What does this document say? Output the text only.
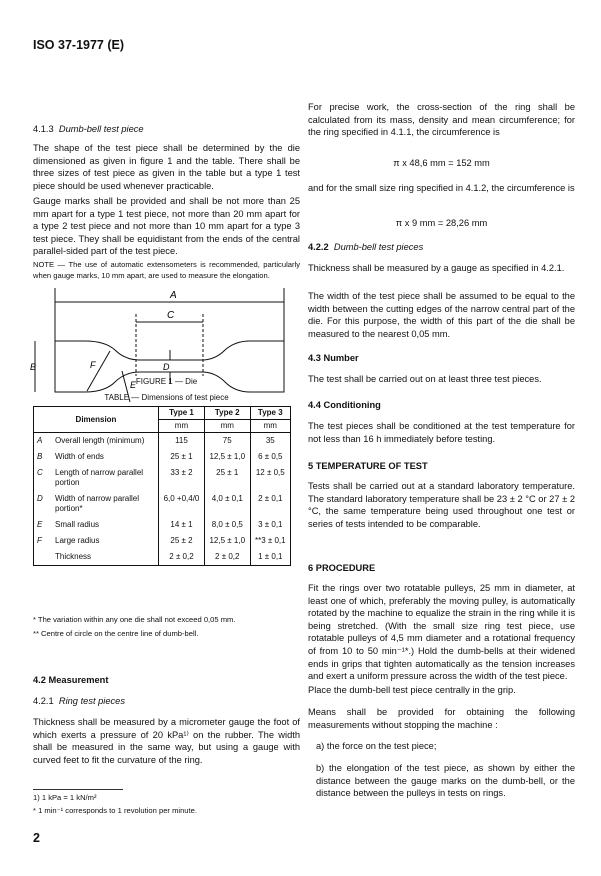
ISO 37-1977 (E)
4.1.3 Dumb-bell test piece
The shape of the test piece shall be determined by the die dimensioned as given in figure 1 and the table. There shall be three sizes of test piece as given in the table but a type 1 test piece should be used whenever practicable.
Gauge marks shall be provided and shall be not more than 25 mm apart for a type 1 test piece, not more than 20 mm apart for a type 2 test piece and not more than 10 mm apart for a type 3 test piece. They shall be equidistant from the ends of the central parallel-sided part of the test piece.
NOTE — The use of automatic extensometers is recommended, particularly when gauge marks, 10 mm apart, are used to measure the elongation.
A
C
B	F	D
E FIGURE 1 — Die
TABLE — Dimensions of test piece
Dimension		Type 1	Type 2	Type 3
		mm	mm	mm
A	Overall length (minimum)	115	75	35
B	Width of ends	25 ± 1	12,5 ± 1,0	6 ± 0,5
C	Length of narrow parallel portion	33 ± 2	25 ± 1	12 ± 0,5
D	Width of narrow parallel portion*	6,0 +0,4/0	4,0 ± 0,1	2 ± 0,1
E	Small radius	14 ± 1	8,0 ± 0,5	3 ± 0,1
F	Large radius	25 ± 2	12,5 ± 1,0	**3 ± 0,1
	Thickness	2 ± 0,2	2 ± 0,2	1 ± 0,1
* The variation within any one die shall not exceed 0,05 mm.
** Centre of circle on the centre line of dumb-bell.
4.2 Measurement
4.2.1 Ring test pieces
Thickness shall be measured by a micrometer gauge the foot of which exerts a pressure of 20 kPa¹⁾ on the rubber. The width shall be measured in the same way, but using a gauge with curved feet to fit the curvature of the ring.
1) 1 kPa = 1 kN/m²
* 1 min⁻¹ corresponds to 1 revolution per minute.
2
For precise work, the cross-section of the ring shall be calculated from its mass, density and mean circumference; for the ring specified in 4.1.1, the circumference is
π x 48,6 mm = 152 mm
and for the small size ring specified in 4.1.2, the circumference is
π x 9 mm = 28,26 mm
4.2.2 Dumb-bell test pieces
Thickness shall be measured by a gauge as specified in 4.2.1.
The width of the test piece shall be assumed to be equal to the width between the cutting edges of the narrow central part of the die. For this purpose, the width of this part of the die shall be measured to the nearest 0,05 mm.
4.3 Number
The test shall be carried out on at least three test pieces.
4.4 Conditioning
The test pieces shall be conditioned at the test temperature for not less than 16 h immediately before testing.
5 TEMPERATURE OF TEST
Tests shall be carried out at a standard laboratory temperature. The standard laboratory temperature shall be 23 ± 2 °C or 27 ± 2 °C, the same temperature being used throughout one test or series of tests intended to be comparable.
6 PROCEDURE
Fit the rings over two rotatable pulleys, 25 mm in diameter, at least one of which, preferably the moving pulley, is automatically rotated by the machine to equalize the strain in the ring while it is being stretched. (With the small size ring test piece, use rotatable pulleys of 4,5 mm diameter and a rotational frequency of from 10 to 50 min⁻¹*.) Hold the dumb-bells at their widened ends in grips that tighten automatically as the tension increases and exert a uniform pressure across the width of the test piece.
Place the dumb-bell test piece centrally in the grip.
Means shall be provided for obtaining the following measurements without stopping the machine :
a) the force on the test piece;
b) the elongation of the test piece, as shown by either the distance between the gauge marks on the dumb-bell, or the distance between the pulleys in tests on rings.
